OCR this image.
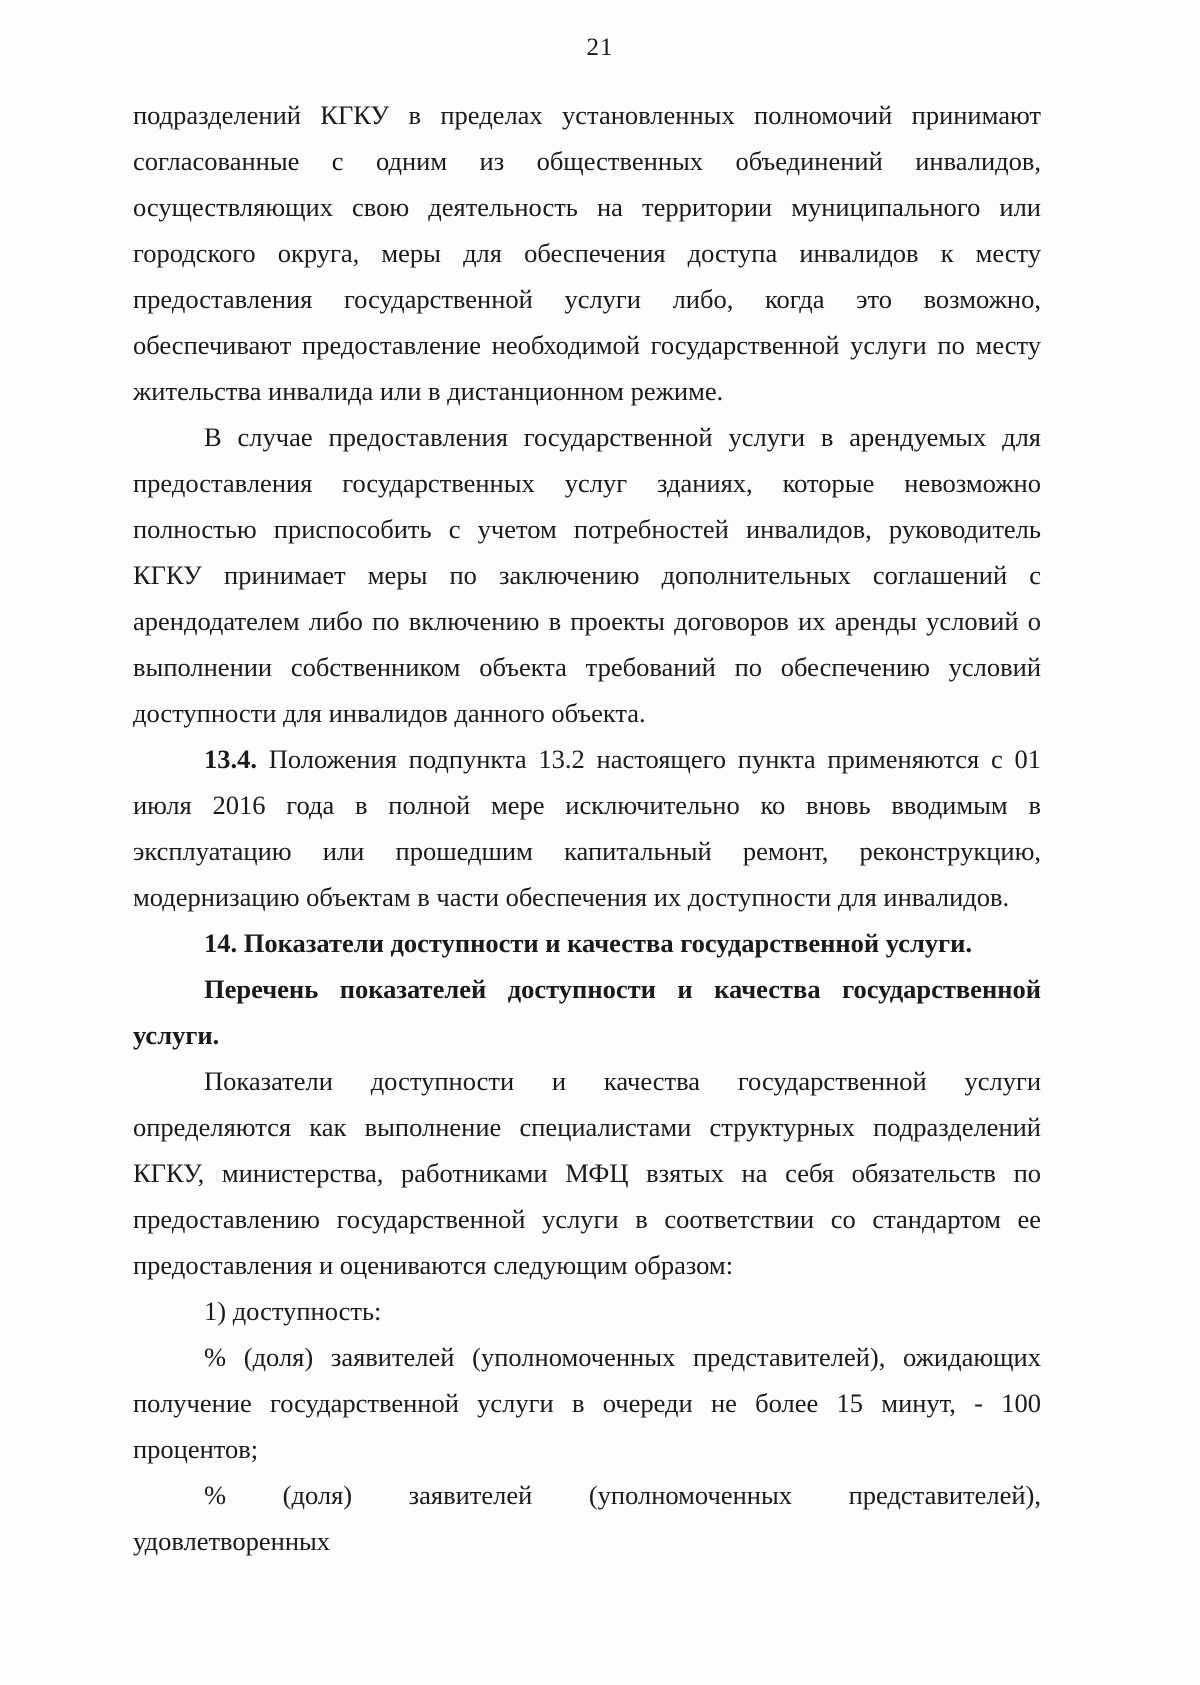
21

подразделений КГКУ в пределах установленных полномочий принимают согласованные с одним из общественных объединений инвалидов, осуществляющих свою деятельность на территории муниципального или городского округа, меры для обеспечения доступа инвалидов к месту предоставления государственной услуги либо, когда это возможно, обеспечивают предоставление необходимой государственной услуги по месту жительства инвалида или в дистанционном режиме.

В случае предоставления государственной услуги в арендуемых для предоставления государственных услуг зданиях, которые невозможно полностью приспособить с учетом потребностей инвалидов, руководитель КГКУ принимает меры по заключению дополнительных соглашений с арендодателем либо по включению в проекты договоров их аренды условий о выполнении собственником объекта требований по обеспечению условий доступности для инвалидов данного объекта.

13.4. Положения подпункта 13.2 настоящего пункта применяются с 01 июля 2016 года в полной мере исключительно ко вновь вводимым в эксплуатацию или прошедшим капитальный ремонт, реконструкцию, модернизацию объектам в части обеспечения их доступности для инвалидов.

14. Показатели доступности и качества государственной услуги.

Перечень показателей доступности и качества государственной услуги.

Показатели доступности и качества государственной услуги определяются как выполнение специалистами структурных подразделений КГКУ, министерства, работниками МФЦ взятых на себя обязательств по предоставлению государственной услуги в соответствии со стандартом ее предоставления и оцениваются следующим образом:

1) доступность:

% (доля) заявителей (уполномоченных представителей), ожидающих получение государственной услуги в очереди не более 15 минут, - 100 процентов;

% (доля) заявителей (уполномоченных представителей), удовлетворенных
